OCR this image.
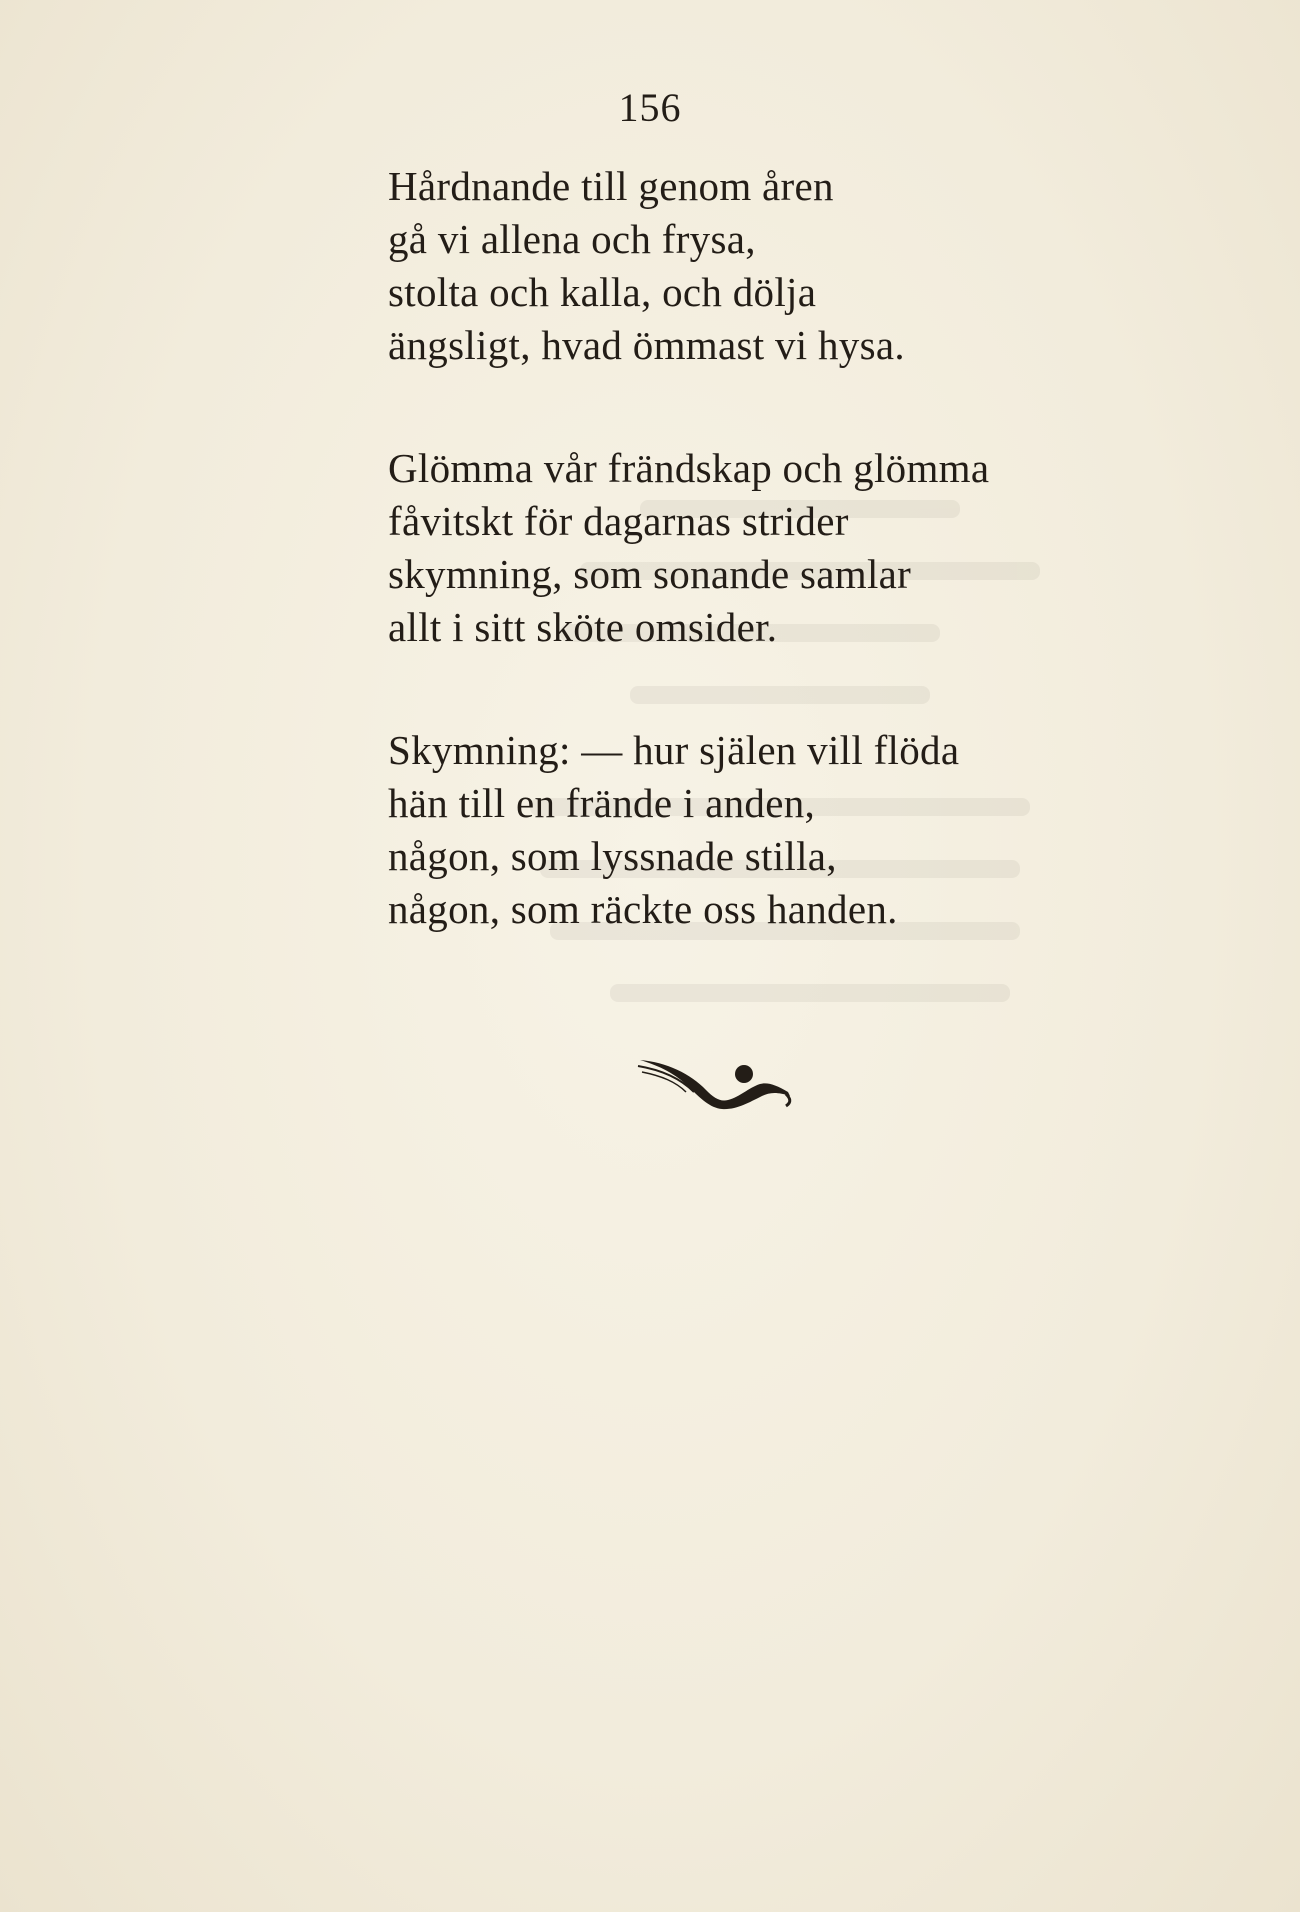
156
Hårdnande till genom åren
gå vi allena och frysa,
stolta och kalla, och dölja
ängsligt, hvad ömmast vi hysa.
Glömma vår frändskap och glömma
fåvitskt för dagarnas strider
skymning, som sonande samlar
allt i sitt sköte omsider.
Skymning: — hur själen vill flöda
hän till en frände i anden,
någon, som lyssnade stilla,
någon, som räckte oss handen.
